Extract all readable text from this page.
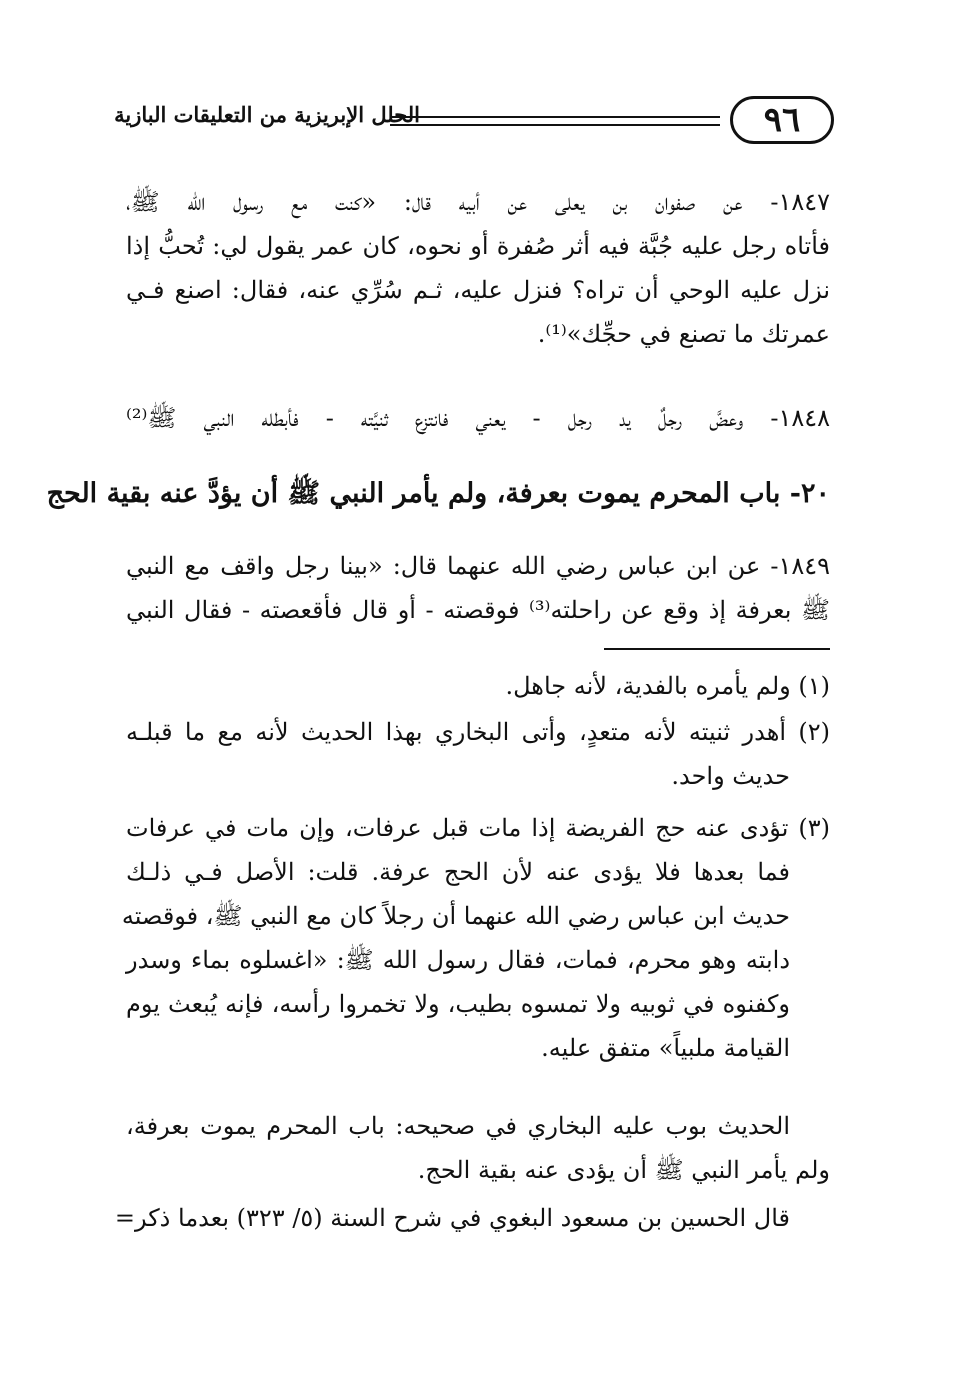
٩٦
الحلل الإبريزية من التعليقات البازية
١٨٤٧- عن صفوان بن يعلى عن أبيه قال: «كنت مع رسول الله ﷺ،
فأتاه رجل عليه جُبَّة فيه أثر صُفرة أو نحوه، كان عمر يقول لي: تُحبُّ إذا
نزل عليه الوحي أن تراه؟ فنزل عليه، ثـم سُرِّي عنه، فقال: اصنع فـي
عمرتك ما تصنع في حجِّك»⁽¹⁾.
١٨٤٨- وعضَّ رجلٌ يد رجل - يعني فانتزع ثنيَّته - فأبطله النبي ﷺ⁽²⁾
٢٠- باب المحرم يموت بعرفة، ولم يأمر النبي ﷺ أن يؤدَّ عنه بقية الحج
١٨٤٩- عن ابن عباس رضي الله عنهما قال: «بينا رجل واقف مع النبي
ﷺ بعرفة إذ وقع عن راحلته⁽³⁾ فوقصته - أو قال فأقعصته - فقال النبي
(١) ولم يأمره بالفدية، لأنه جاهل.
(٢) أهدر ثنيته لأنه متعدٍ، وأتى البخاري بهذا الحديث لأنه مع ما قبلـه
حديث واحد.
(٣) تؤدى عنه حج الفريضة إذا مات قبل عرفات، وإن مات في عرفات
فما بعدها فلا يؤدى عنه لأن الحج عرفة. قلت: الأصل فـي ذلـك
حديث ابن عباس رضي الله عنهما أن رجلاً كان مع النبي ﷺ، فوقصته
دابته وهو محرم، فمات، فقال رسول الله ﷺ: «اغسلوه بماء وسدر
وكفنوه في ثوبيه ولا تمسوه بطيب، ولا تخمروا رأسه، فإنه يُبعث يوم
القيامة ملبياً» متفق عليه.
الحديث بوب عليه البخاري في صحيحه: باب المحرم يموت بعرفة،
ولم يأمر النبي ﷺ أن يؤدى عنه بقية الحج.
قال الحسين بن مسعود البغوي في شرح السنة (٥/ ٣٢٣) بعدما ذكر=
